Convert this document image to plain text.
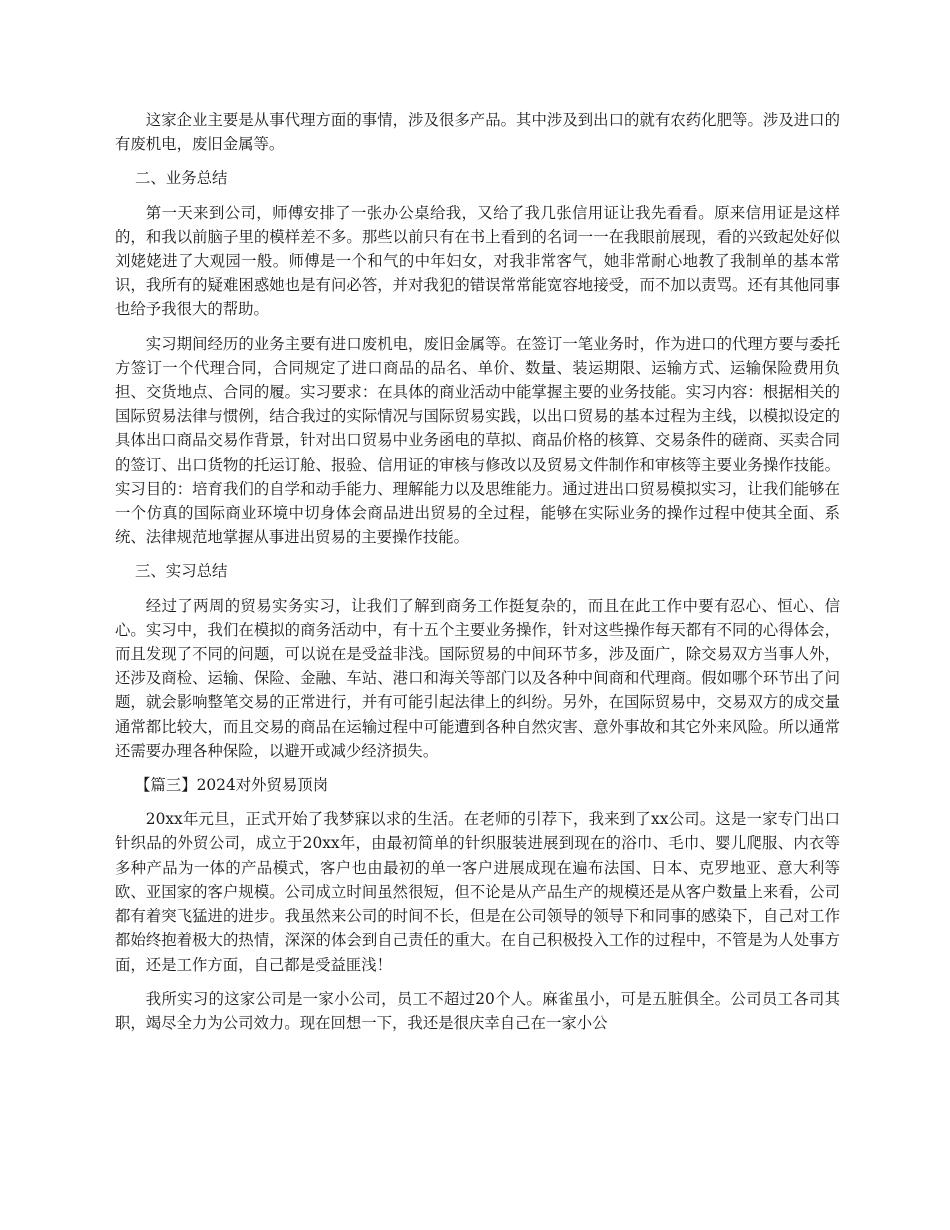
这家企业主要是从事代理方面的事情，涉及很多产品。其中涉及到出口的就有农药化肥等。涉及进口的有废机电，废旧金属等。

二、业务总结

第一天来到公司，师傅安排了一张办公桌给我，又给了我几张信用证让我先看看。原来信用证是这样的，和我以前脑子里的模样差不多。那些以前只有在书上看到的名词一一在我眼前展现，看的兴致起处好似刘姥姥进了大观园一般。师傅是一个和气的中年妇女，对我非常客气，她非常耐心地教了我制单的基本常识，我所有的疑难困惑她也是有问必答，并对我犯的错误常常能宽容地接受，而不加以责骂。还有其他同事也给予我很大的帮助。

实习期间经历的业务主要有进口废机电，废旧金属等。在签订一笔业务时，作为进口的代理方要与委托方签订一个代理合同，合同规定了进口商品的品名、单价、数量、装运期限、运输方式、运输保险费用负担、交货地点、合同的履。实习要求：在具体的商业活动中能掌握主要的业务技能。实习内容：根据相关的国际贸易法律与惯例，结合我过的实际情况与国际贸易实践，以出口贸易的基本过程为主线，以模拟设定的具体出口商品交易作背景，针对出口贸易中业务函电的草拟、商品价格的核算、交易条件的磋商、买卖合同的签订、出口货物的托运订舱、报验、信用证的审核与修改以及贸易文件制作和审核等主要业务操作技能。实习目的：培育我们的自学和动手能力、理解能力以及思维能力。通过进出口贸易模拟实习，让我们能够在一个仿真的国际商业环境中切身体会商品进出贸易的全过程，能够在实际业务的操作过程中使其全面、系统、法律规范地掌握从事进出贸易的主要操作技能。

三、实习总结

经过了两周的贸易实务实习，让我们了解到商务工作挺复杂的，而且在此工作中要有忍心、恒心、信心。实习中，我们在模拟的商务活动中，有十五个主要业务操作，针对这些操作每天都有不同的心得体会，而且发现了不同的问题，可以说在是受益非浅。国际贸易的中间环节多，涉及面广，除交易双方当事人外，还涉及商检、运输、保险、金融、车站、港口和海关等部门以及各种中间商和代理商。假如哪个环节出了问题，就会影响整笔交易的正常进行，并有可能引起法律上的纠纷。另外，在国际贸易中，交易双方的成交量通常都比较大，而且交易的商品在运输过程中可能遭到各种自然灾害、意外事故和其它外来风险。所以通常还需要办理各种保险，以避开或减少经济损失。

【篇三】2024对外贸易顶岗

20xx年元旦，正式开始了我梦寐以求的生活。在老师的引荐下，我来到了xx公司。这是一家专门出口针织品的外贸公司，成立于20xx年，由最初简单的针织服装进展到现在的浴巾、毛巾、婴儿爬服、内衣等多种产品为一体的产品模式，客户也由最初的单一客户进展成现在遍布法国、日本、克罗地亚、意大利等欧、亚国家的客户规模。公司成立时间虽然很短，但不论是从产品生产的规模还是从客户数量上来看，公司都有着突飞猛进的进步。我虽然来公司的时间不长，但是在公司领导的领导下和同事的感染下，自己对工作都始终抱着极大的热情，深深的体会到自己责任的重大。在自己积极投入工作的过程中，不管是为人处事方面，还是工作方面，自己都是受益匪浅！

我所实习的这家公司是一家小公司，员工不超过20个人。麻雀虽小，可是五脏俱全。公司员工各司其职，竭尽全力为公司效力。现在回想一下，我还是很庆幸自己在一家小公
